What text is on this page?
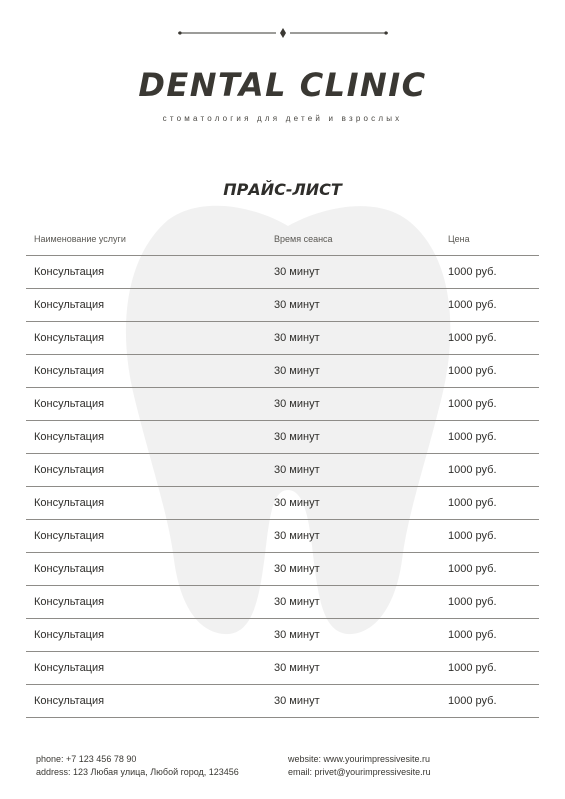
DENTAL CLINIC
стоматология для детей и взрослых
ПРАЙС-ЛИСТ
Наименование услуги	Время сеанса	Цена
Консультация	30 минут	1000 руб.
Консультация	30 минут	1000 руб.
Консультация	30 минут	1000 руб.
Консультация	30 минут	1000 руб.
Консультация	30 минут	1000 руб.
Консультация	30 минут	1000 руб.
Консультация	30 минут	1000 руб.
Консультация	30 минут	1000 руб.
Консультация	30 минут	1000 руб.
Консультация	30 минут	1000 руб.
Консультация	30 минут	1000 руб.
Консультация	30 минут	1000 руб.
Консультация	30 минут	1000 руб.
Консультация	30 минут	1000 руб.
phone: +7 123 456 78 90
address: 123 Любая улица, Любой город, 123456
website: www.yourimpressivesite.ru
email: privet@yourimpressivesite.ru
